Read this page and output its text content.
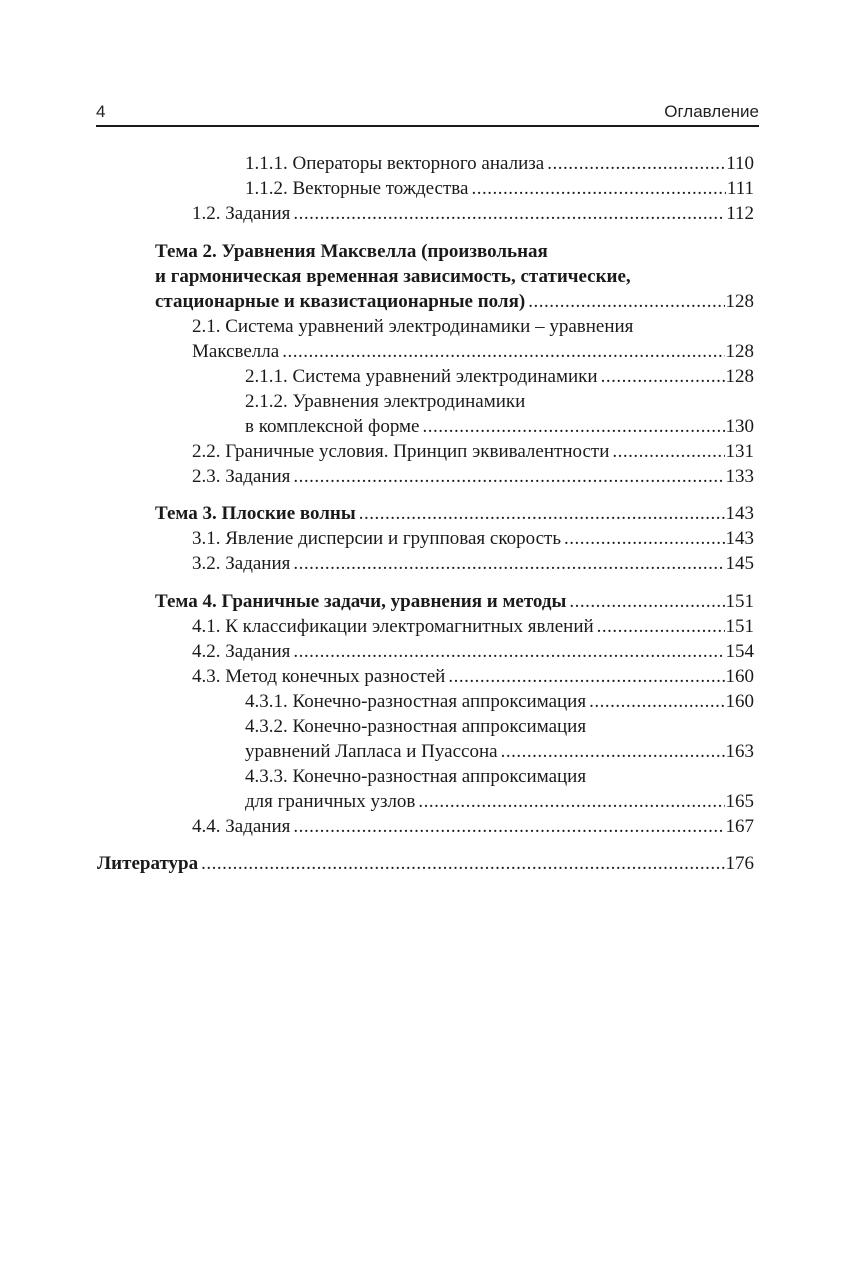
4	Оглавление
1.1.1. Операторы векторного анализа .....	110
1.1.2. Векторные тождества .....	111
1.2. Задания .....	112
Тема 2. Уравнения Максвелла (произвольная
и гармоническая временная зависимость, статические,
стационарные и квазистационарные поля) .....	128
2.1. Система уравнений электродинамики – уравнения
Максвелла .....	128
2.1.1. Система уравнений электродинамики .....	128
2.1.2. Уравнения электродинамики
в комплексной форме .....	130
2.2. Граничные условия. Принцип эквивалентности .....	131
2.3. Задания .....	133
Тема 3. Плоские волны .....	143
3.1. Явление дисперсии и групповая скорость .....	143
3.2. Задания .....	145
Тема 4. Граничные задачи, уравнения и методы .....	151
4.1. К классификации электромагнитных явлений .....	151
4.2. Задания .....	154
4.3. Метод конечных разностей .....	160
4.3.1. Конечно-разностная аппроксимация .....	160
4.3.2. Конечно-разностная аппроксимация
уравнений Лапласа и Пуассона .....	163
4.3.3. Конечно-разностная аппроксимация
для граничных узлов .....	165
4.4. Задания .....	167
Литература .....	176
